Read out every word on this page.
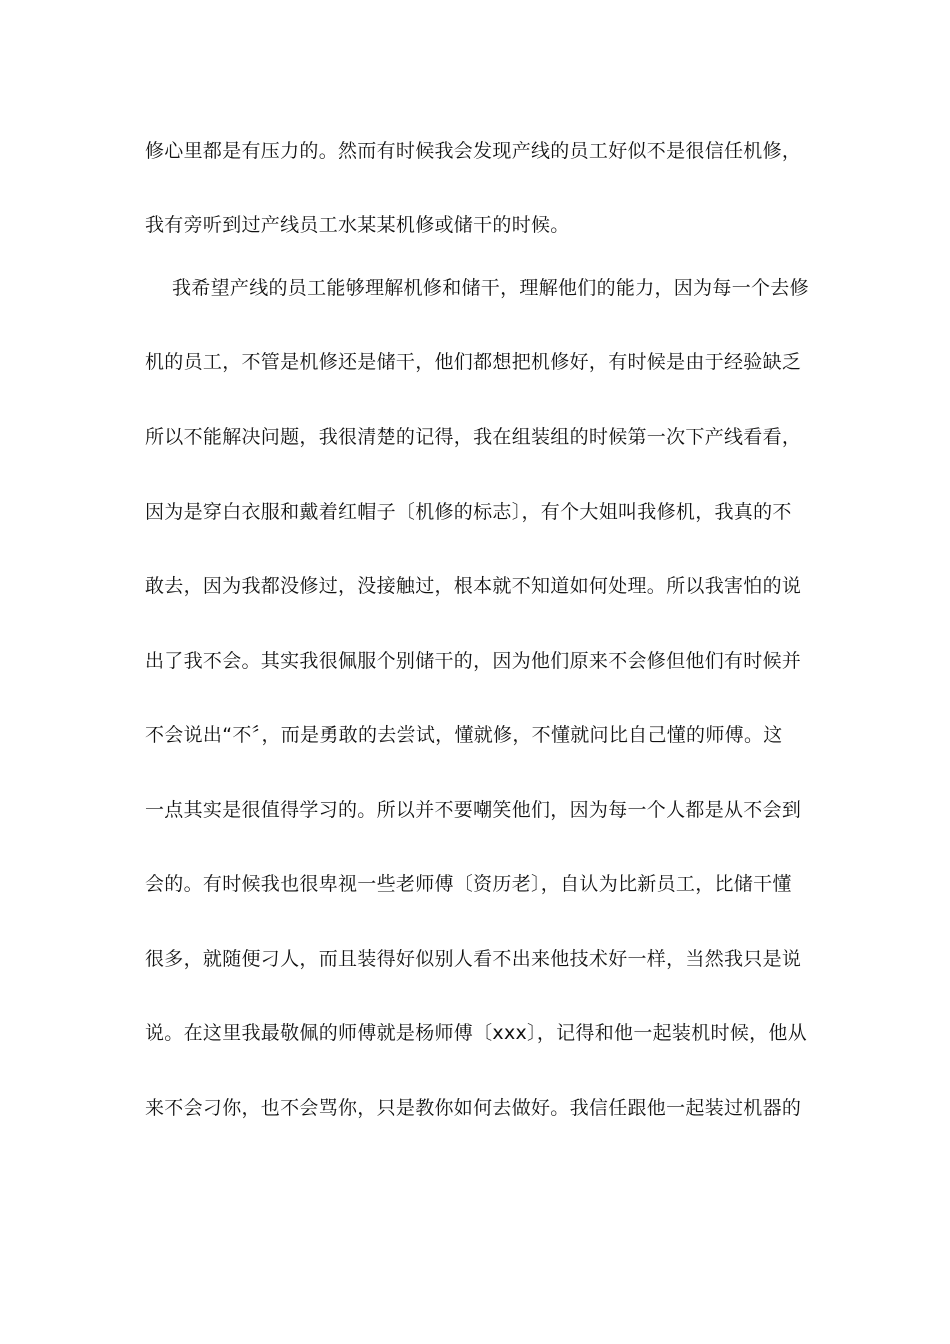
修心里都是有压力的。然而有时候我会发现产线的员工好似不是很信任机修，
我有旁听到过产线员工水某某机修或储干的时候。
我希望产线的员工能够理解机修和储干，理解他们的能力，因为每一个去修
机的员工，不管是机修还是储干，他们都想把机修好，有时候是由于经验缺乏
所以不能解决问题，我很清楚的记得，我在组装组的时候第一次下产线看看，
因为是穿白衣服和戴着红帽子〔机修的标志〕，有个大姐叫我修机，我真的不
敢去，因为我都没修过，没接触过，根本就不知道如何处理。所以我害怕的说
出了我不会。其实我很佩服个别储干的，因为他们原来不会修但他们有时候并
不会说出“不〞，而是勇敢的去尝试，懂就修，不懂就问比自己懂的师傅。这
一点其实是很值得学习的。所以并不要嘲笑他们，因为每一个人都是从不会到
会的。有时候我也很卑视一些老师傅〔资历老〕，自认为比新员工，比储干懂
很多，就随便刁人，而且装得好似别人看不出来他技术好一样，当然我只是说
说。在这里我最敬佩的师傅就是杨师傅〔xxx〕，记得和他一起装机时候，他从
来不会刁你，也不会骂你，只是教你如何去做好。我信任跟他一起装过机器的
